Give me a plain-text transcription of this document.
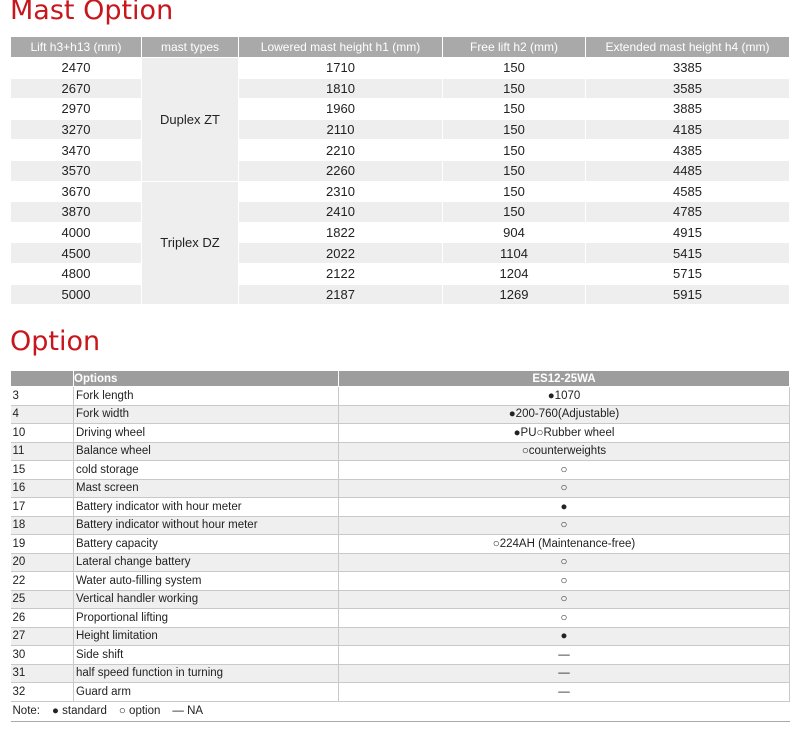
Mast Option
Lift h3+h13 (mm)	mast types	Lowered mast height h1 (mm)	Free lift h2 (mm)	Extended mast height h4 (mm)
2470	Duplex ZT	1710	150	3385
2670		1810	150	3585
2970		1960	150	3885
3270		2110	150	4185
3470		2210	150	4385
3570		2260	150	4485
3670	Triplex DZ	2310	150	4585
3870		2410	150	4785
4000		1822	904	4915
4500		2022	1104	5415
4800		2122	1204	5715
5000		2187	1269	5915
Option
	Options	ES12-25WA
3	Fork length	●1070
4	Fork width	●200-760(Adjustable)
10	Driving wheel	●PU○Rubber wheel
11	Balance wheel	○counterweights
15	cold storage	○
16	Mast screen	○
17	Battery indicator with hour meter	●
18	Battery indicator without hour meter	○
19	Battery capacity	○224AH (Maintenance-free)
20	Lateral change battery	○
22	Water auto-filling system	○
25	Vertical handler working	○
26	Proportional lifting	○
27	Height limitation	●
30	Side shift	—
31	half speed function in turning	—
32	Guard arm	—
Note: ● standard ○ option — NA		
